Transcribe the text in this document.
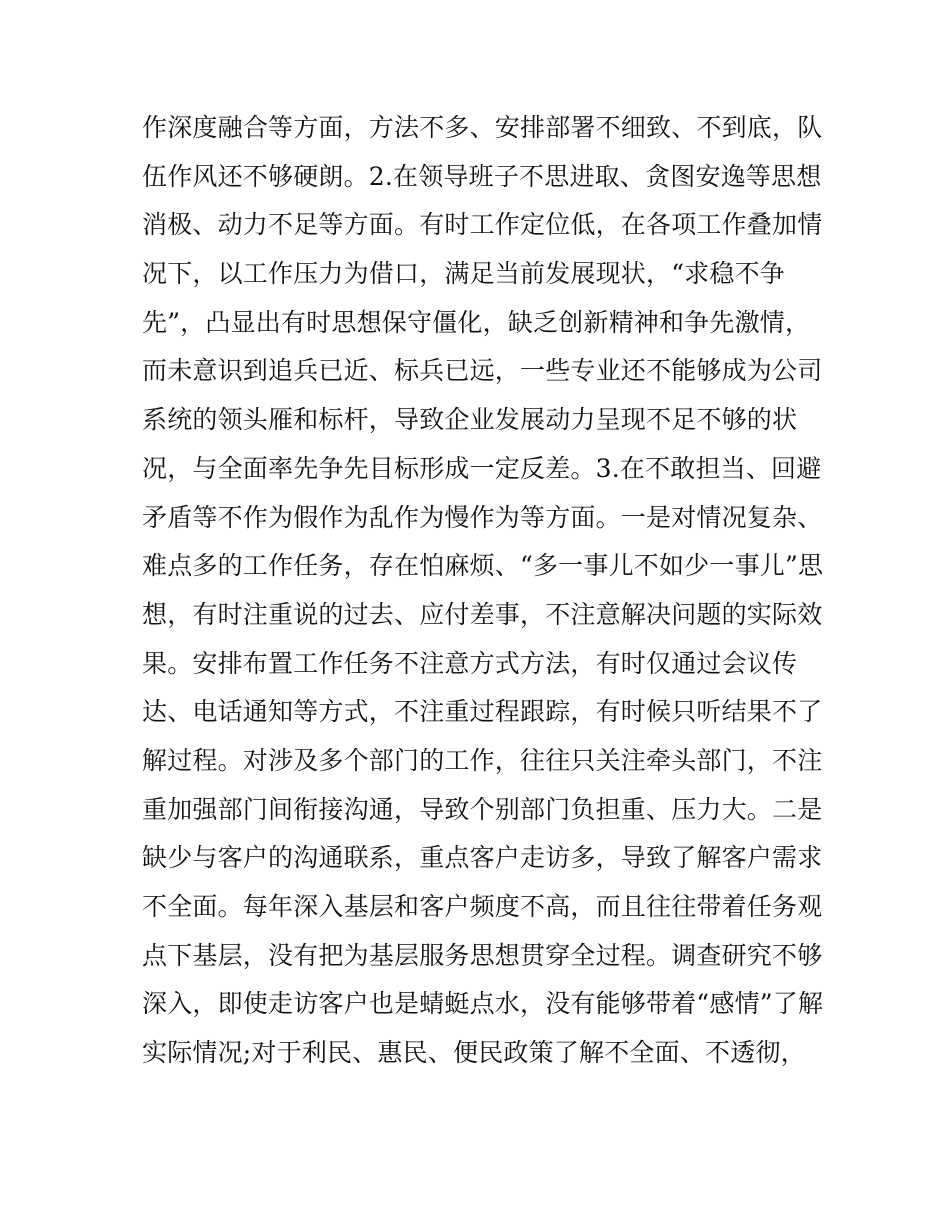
作深度融合等方面，方法不多、安排部署不细致、不到底，队
伍作风还不够硬朗。2.在领导班子不思进取、贪图安逸等思想
消极、动力不足等方面。有时工作定位低，在各项工作叠加情
况下，以工作压力为借口，满足当前发展现状，“求稳不争
先”，凸显出有时思想保守僵化，缺乏创新精神和争先激情，
而未意识到追兵已近、标兵已远，一些专业还不能够成为公司
系统的领头雁和标杆，导致企业发展动力呈现不足不够的状
况，与全面率先争先目标形成一定反差。3.在不敢担当、回避
矛盾等不作为假作为乱作为慢作为等方面。一是对情况复杂、
难点多的工作任务，存在怕麻烦、“多一事儿不如少一事儿”思
想，有时注重说的过去、应付差事，不注意解决问题的实际效
果。安排布置工作任务不注意方式方法，有时仅通过会议传
达、电话通知等方式，不注重过程跟踪，有时候只听结果不了
解过程。对涉及多个部门的工作，往往只关注牵头部门，不注
重加强部门间衔接沟通，导致个别部门负担重、压力大。二是
缺少与客户的沟通联系，重点客户走访多，导致了解客户需求
不全面。每年深入基层和客户频度不高，而且往往带着任务观
点下基层，没有把为基层服务思想贯穿全过程。调查研究不够
深入，即使走访客户也是蜻蜓点水，没有能够带着“感情”了解
实际情况;对于利民、惠民、便民政策了解不全面、不透彻，
